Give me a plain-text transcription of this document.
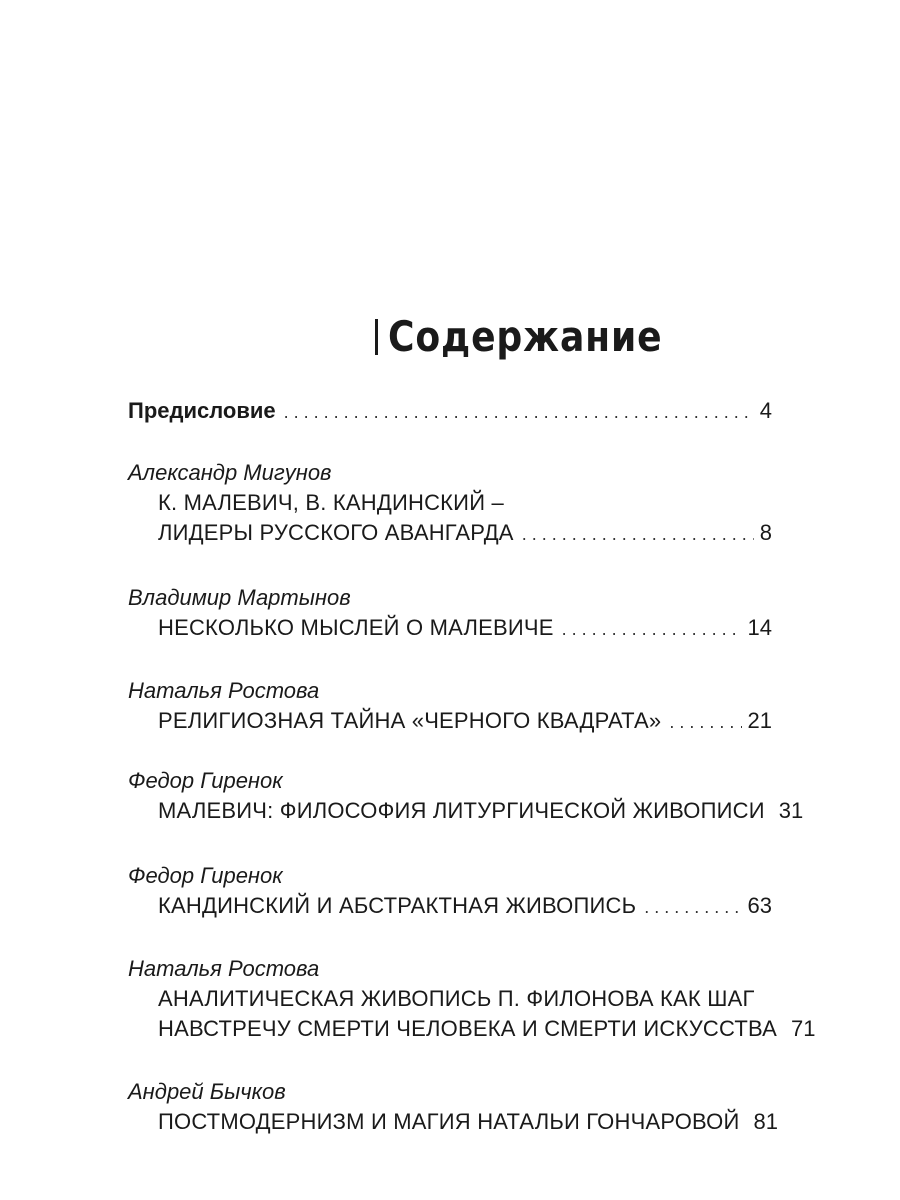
Содержание
Предисловие . . .	4
Александр Мигунов
К. МАЛЕВИЧ, В. КАНДИНСКИЙ –
ЛИДЕРЫ РУССКОГО АВАНГАРДА . . .	8
Владимир Мартынов
НЕСКОЛЬКО МЫСЛЕЙ О МАЛЕВИЧЕ . . .	14
Наталья Ростова
РЕЛИГИОЗНАЯ ТАЙНА «ЧЕРНОГО КВАДРАТА» . . .	21
Федор Гиренок
МАЛЕВИЧ: ФИЛОСОФИЯ ЛИТУРГИЧЕСКОЙ ЖИВОПИСИ 31
Федор Гиренок
КАНДИНСКИЙ И АБСТРАКТНАЯ ЖИВОПИСЬ . . .	63
Наталья Ростова
АНАЛИТИЧЕСКАЯ ЖИВОПИСЬ П. ФИЛОНОВА КАК ШАГ
НАВСТРЕЧУ СМЕРТИ ЧЕЛОВЕКА И СМЕРТИ ИСКУССТВА 71
Андрей Бычков
ПОСТМОДЕРНИЗМ И МАГИЯ НАТАЛЬИ ГОНЧАРОВОЙ 81
